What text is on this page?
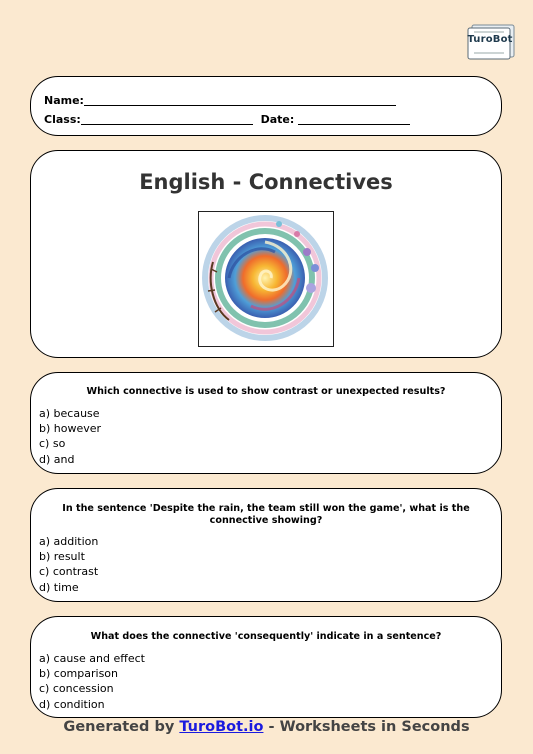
TuroBot
Name:
Class:	Date:
English - Connectives
Which connective is used to show contrast or unexpected results?
a) because
b) however
c) so
d) and
In the sentence 'Despite the rain, the team still won the game', what is the connective showing?
a) addition
b) result
c) contrast
d) time
What does the connective 'consequently' indicate in a sentence?
a) cause and effect
b) comparison
c) concession
d) condition
Generated by TuroBot.io - Worksheets in Seconds
